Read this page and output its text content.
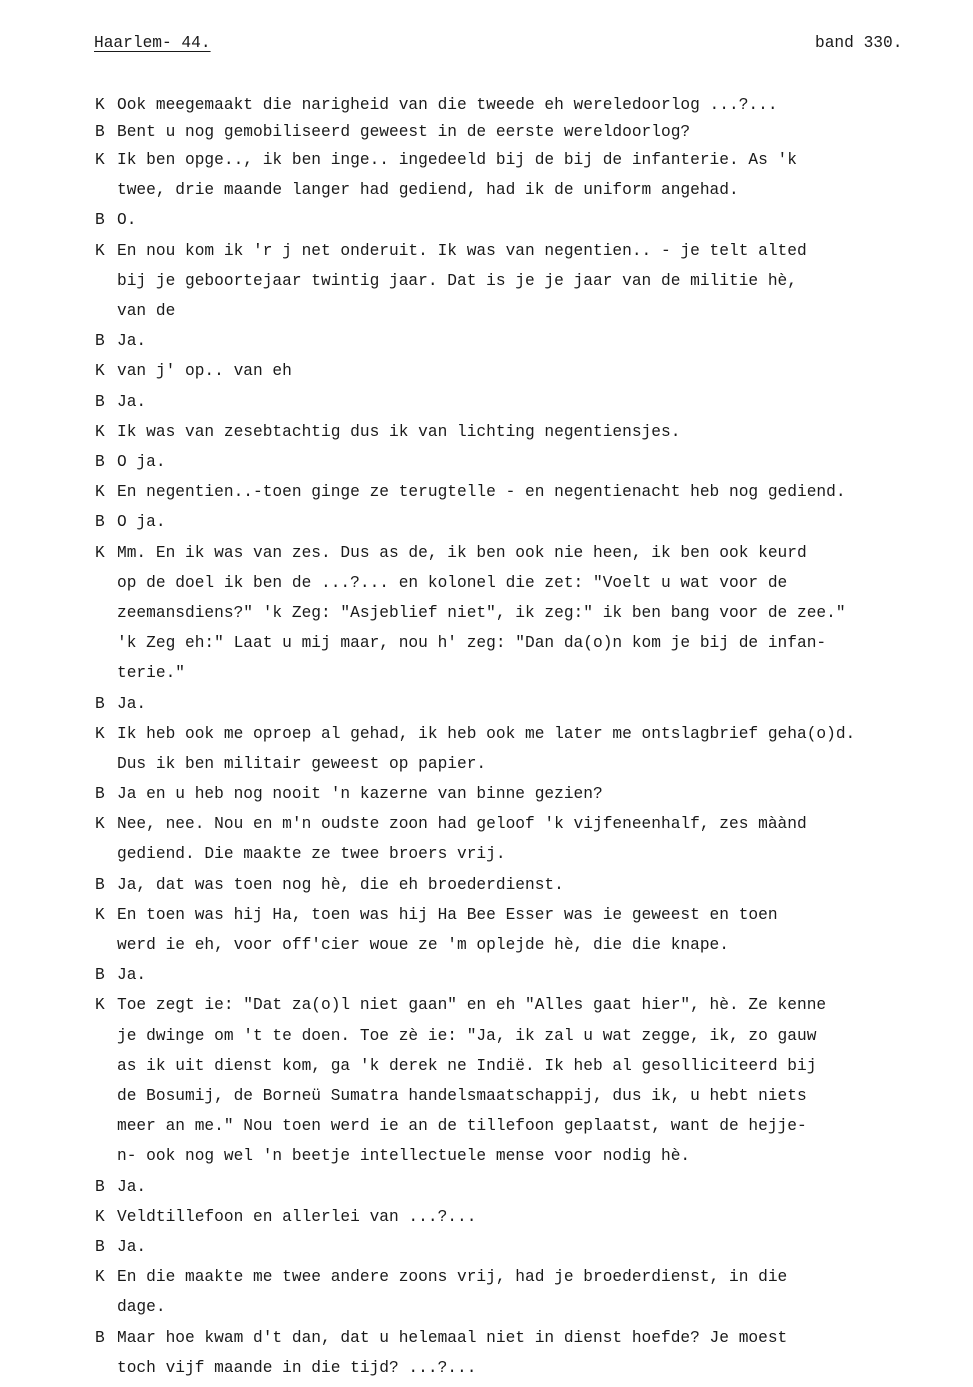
Haarlem- 44.	band 330.
K Ook meegemaakt die narigheid van die tweede eh wereledoorlog ...?...
B Bent u nog gemobiliseerd geweest in de eerste wereldoorlog?
K Ik ben opge.., ik ben inge.. ingedeeld bij de bij de infanterie. As 'k
twee, drie maande langer had gediend, had ik de uniform angehad.
B O.
K En nou kom ik 'r j net onderuit. Ik was van negentien.. - je telt alted
bij je geboortejaar twintig jaar. Dat is je je jaar van de militie hè,
van de
B Ja.
K van j' op.. van eh
B Ja.
K Ik was van zesebtachtig dus ik van lichting negentiensjes.
B O ja.
K En negentien..-toen ginge ze terugtelle - en negentienacht heb nog gediend.
B O ja.
K Mm. En ik was van zes. Dus as de, ik ben ook nie heen, ik ben ook keurd
op de doel ik ben de ...?... en kolonel die zet: "Voelt u wat voor de
zeemansdiens?" 'k Zeg: "Asjeblief niet", ik zeg:" ik ben bang voor de zee."
'k Zeg eh:" Laat u mij maar, nou h' zeg: "Dan da(o)n kom je bij de infan-
terie."
B Ja.
K Ik heb ook me oproep al gehad, ik heb ook me later me ontslagbrief geha(o)d.
Dus ik ben militair geweest op papier.
B Ja en u heb nog nooit 'n kazerne van binne gezien?
K Nee, nee. Nou en m'n oudste zoon had geloof 'k vijfeneenhalf, zes màànd
gediend. Die maakte ze twee broers vrij.
B Ja, dat was toen nog hè, die eh broederdienst.
K En toen was hij Ha, toen was hij Ha Bee Esser was ie geweest en toen
werd ie eh, voor off'cier woue ze 'm oplejde hè, die die knape.
B Ja.
K Toe zegt ie: "Dat za(o)l niet gaan" en eh "Alles gaat hier", hè. Ze kenne
je dwinge om 't te doen. Toe zè ie: "Ja, ik zal u wat zegge, ik, zo gauw
as ik uit dienst kom, ga 'k derek ne Indië. Ik heb al gesolliciteerd bij
de Bosumij, de Borneü Sumatra handelsmaatschappij, dus ik, u hebt niets
meer an me." Nou toen werd ie an de tillefoon geplaatst, want de hejje-
n- ook nog wel 'n beetje intellectuele mense voor nodig hè.
B Ja.
K Veldtillefoon en allerlei van ...?...
B Ja.
K En die maakte me twee andere zoons vrij, had je broederdienst, in die
dage.
B Maar hoe kwam d't dan, dat u helemaal niet in dienst hoefde? Je moest
toch vijf maande in die tijd? ...?...
